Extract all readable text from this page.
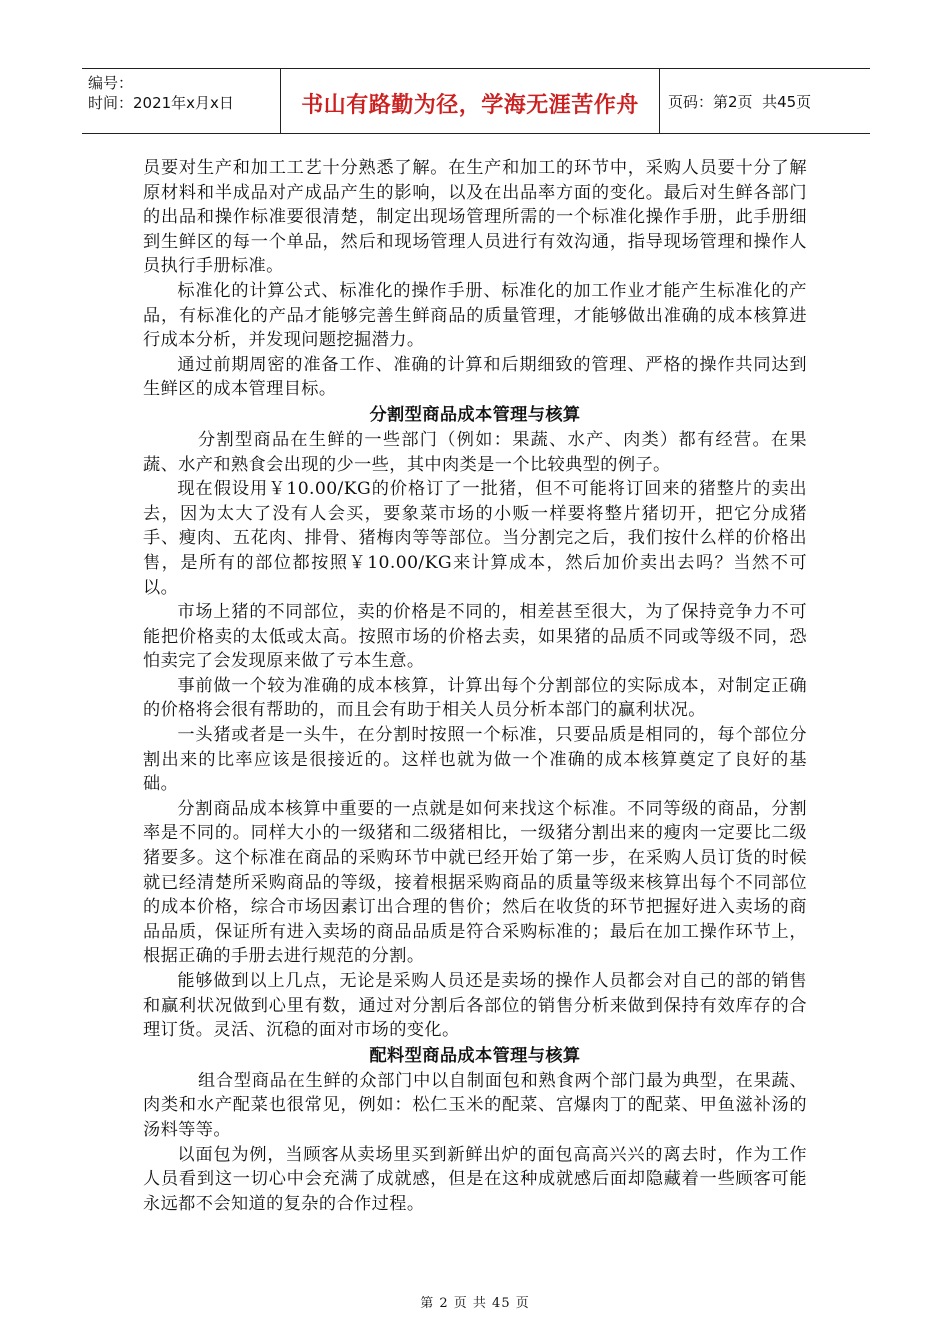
编号：
时间：2021年x月x日	书山有路勤为径，学海无涯苦作舟 页码：第2页  共45页

员要对生产和加工工艺十分熟悉了解。在生产和加工的环节中，采购人员要十分了解原材料和半成品对产成品产生的影响，以及在出品率方面的变化。最后对生鲜各部门的出品和操作标准要很清楚，制定出现场管理所需的一个标准化操作手册，此手册细到生鲜区的每一个单品，然后和现场管理人员进行有效沟通，指导现场管理和操作人员执行手册标准。

标准化的计算公式、标准化的操作手册、标准化的加工作业才能产生标准化的产品，有标准化的产品才能够完善生鲜商品的质量管理，才能够做出准确的成本核算进行成本分析，并发现问题挖掘潜力。

通过前期周密的准备工作、准确的计算和后期细致的管理、严格的操作共同达到生鲜区的成本管理目标。

分割型商品成本管理与核算

分割型商品在生鲜的一些部门（例如：果蔬、水产、肉类）都有经营。在果蔬、水产和熟食会出现的少一些，其中肉类是一个比较典型的例子。

现在假设用￥10.00/KG的价格订了一批猪，但不可能将订回来的猪整片的卖出去，因为太大了没有人会买，要象菜市场的小贩一样要将整片猪切开，把它分成猪手、瘦肉、五花肉、排骨、猪梅肉等等部位。当分割完之后，我们按什么样的价格出售，是所有的部位都按照￥10.00/KG来计算成本，然后加价卖出去吗？当然不可以。

市场上猪的不同部位，卖的价格是不同的，相差甚至很大，为了保持竞争力不可能把价格卖的太低或太高。按照市场的价格去卖，如果猪的品质不同或等级不同，恐怕卖完了会发现原来做了亏本生意。

事前做一个较为准确的成本核算，计算出每个分割部位的实际成本，对制定正确的价格将会很有帮助的，而且会有助于相关人员分析本部门的赢利状况。

一头猪或者是一头牛，在分割时按照一个标准，只要品质是相同的，每个部位分割出来的比率应该是很接近的。这样也就为做一个准确的成本核算奠定了良好的基础。

分割商品成本核算中重要的一点就是如何来找这个标准。不同等级的商品，分割率是不同的。同样大小的一级猪和二级猪相比，一级猪分割出来的瘦肉一定要比二级猪要多。这个标准在商品的采购环节中就已经开始了第一步，在采购人员订货的时候就已经清楚所采购商品的等级，接着根据采购商品的质量等级来核算出每个不同部位的成本价格，综合市场因素订出合理的售价；然后在收货的环节把握好进入卖场的商品品质，保证所有进入卖场的商品品质是符合采购标准的；最后在加工操作环节上，根据正确的手册去进行规范的分割。

能够做到以上几点，无论是采购人员还是卖场的操作人员都会对自己的部的销售和赢利状况做到心里有数，通过对分割后各部位的销售分析来做到保持有效库存的合理订货。灵活、沉稳的面对市场的变化。

配料型商品成本管理与核算

组合型商品在生鲜的众部门中以自制面包和熟食两个部门最为典型，在果蔬、肉类和水产配菜也很常见，例如：松仁玉米的配菜、宫爆肉丁的配菜、甲鱼滋补汤的汤料等等。

以面包为例，当顾客从卖场里买到新鲜出炉的面包高高兴兴的离去时，作为工作人员看到这一切心中会充满了成就感，但是在这种成就感后面却隐藏着一些顾客可能永远都不会知道的复杂的合作过程。

第 2 页 共 45 页
